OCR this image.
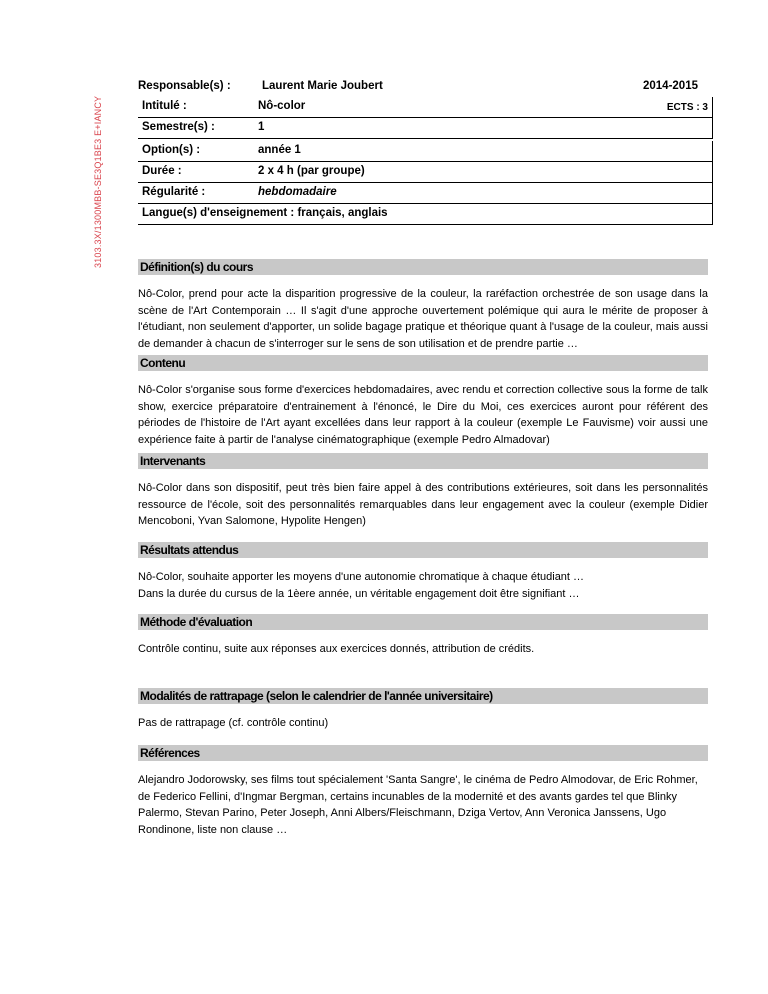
3103.3X/1300MBB-SE3Q1BE3 E+IANCY
Responsable(s) :	Laurent Marie Joubert	2014-2015
Intitulé :	Nô-color	ECTS : 3
Semestre(s) :	1
Option(s) :	année 1
Durée :	2 x 4 h (par groupe)
Régularité :	hebdomadaire
Langue(s) d'enseignement : français, anglais
Définition(s) du cours

Nô-Color, prend pour acte la disparition progressive de la couleur, la raréfaction orchestrée de son usage dans la scène de l'Art Contemporain … Il s'agit d'une approche ouvertement polémique qui aura le mérite de proposer à l'étudiant, non seulement d'apporter, un solide bagage pratique et théorique quant à l'usage de la couleur, mais aussi de demander à chacun de s'interroger sur le sens de son utilisation et de prendre partie …

Contenu

Nô-Color s'organise sous forme d'exercices hebdomadaires, avec rendu et correction collective sous la forme de talk show, exercice préparatoire d'entrainement à l'énoncé, le Dire du Moi, ces exercices auront pour référent des périodes de l'histoire de l'Art ayant excellées dans leur rapport à la couleur (exemple Le Fauvisme) voir aussi une expérience faite à partir de l'analyse cinématographique (exemple Pedro Almadovar)

Intervenants

Nô-Color dans son dispositif, peut très bien faire appel à des contributions extérieures, soit dans les personnalités ressource de l'école, soit des personnalités remarquables dans leur engagement avec la couleur (exemple Didier Mencoboni, Yvan Salomone, Hypolite Hengen)

Résultats attendus

Nô-Color, souhaite apporter les moyens d'une autonomie chromatique à chaque étudiant …

Dans la durée du cursus de la 1èere année, un véritable engagement doit être signifiant …

Méthode d'évaluation

Contrôle continu, suite aux réponses aux exercices donnés, attribution de crédits.

Modalités de rattrapage (selon le calendrier de l'année universitaire)

Pas de rattrapage (cf. contrôle continu)

Références

Alejandro Jodorowsky, ses films tout spécialement 'Santa Sangre', le cinéma de Pedro Almodovar, de Eric Rohmer, de Federico Fellini, d'Ingmar Bergman, certains incunables de la modernité et des avants gardes tel que Blinky Palermo, Stevan Parino, Peter Joseph, Anni Albers/Fleischmann, Dziga Vertov, Ann Veronica Janssens, Ugo Rondinone, liste non clause …
